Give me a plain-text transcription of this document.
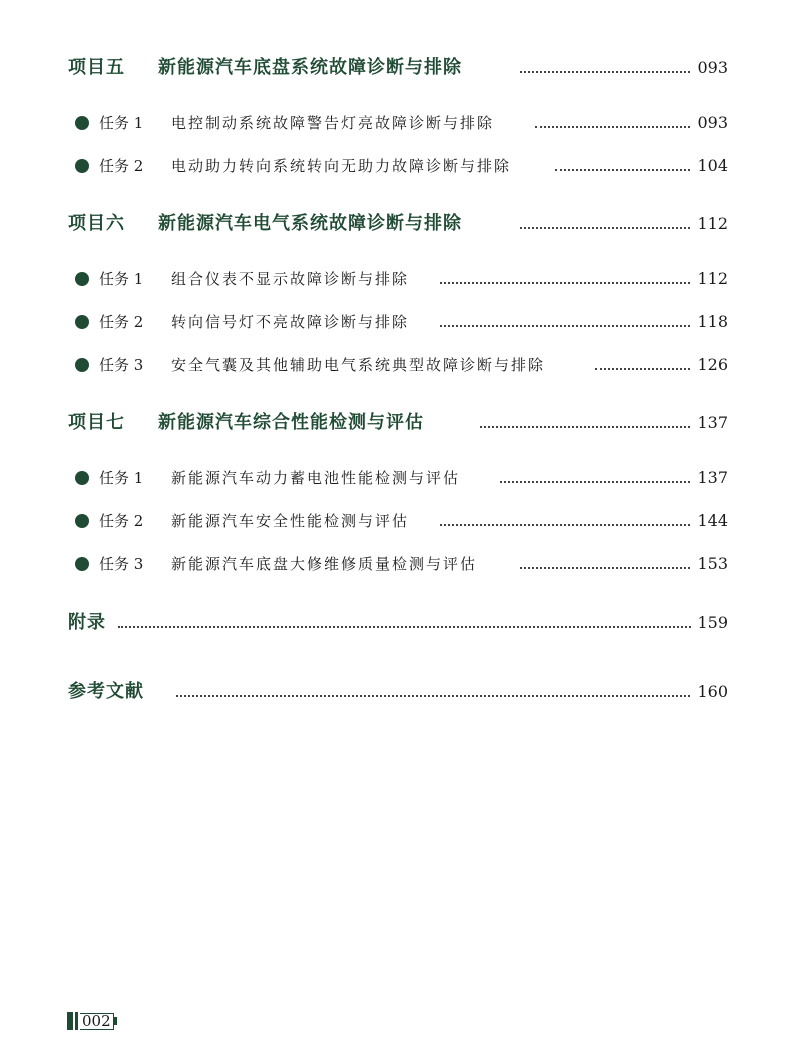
项目五 新能源汽车底盘系统故障诊断与排除	093
任务 1 电控制动系统故障警告灯亮故障诊断与排除	093
任务 2 电动助力转向系统转向无助力故障诊断与排除	104
项目六 新能源汽车电气系统故障诊断与排除	112
任务 1 组合仪表不显示故障诊断与排除	112
任务 2 转向信号灯不亮故障诊断与排除	118
任务 3 安全气囊及其他辅助电气系统典型故障诊断与排除	126
项目七 新能源汽车综合性能检测与评估	137
任务 1 新能源汽车动力蓄电池性能检测与评估	137
任务 2 新能源汽车安全性能检测与评估	144
任务 3 新能源汽车底盘大修维修质量检测与评估	153
附录	159
参考文献	160
002
